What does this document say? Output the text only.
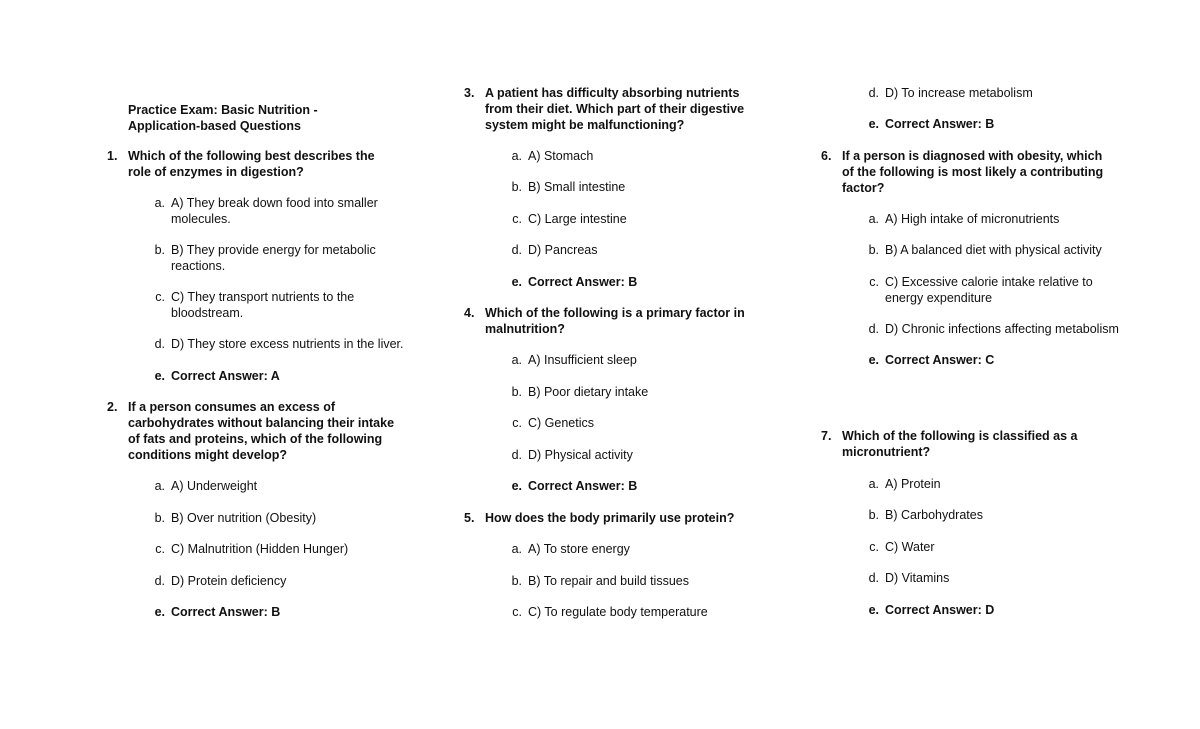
Practice Exam: Basic Nutrition - Application-based Questions
1. Which of the following best describes the role of enzymes in digestion?
a. A) They break down food into smaller molecules.
b. B) They provide energy for metabolic reactions.
c. C) They transport nutrients to the bloodstream.
d. D) They store excess nutrients in the liver.
e. Correct Answer: A
2. If a person consumes an excess of carbohydrates without balancing their intake of fats and proteins, which of the following conditions might develop?
a. A) Underweight
b. B) Over nutrition (Obesity)
c. C) Malnutrition (Hidden Hunger)
d. D) Protein deficiency
e. Correct Answer: B
3. A patient has difficulty absorbing nutrients from their diet. Which part of their digestive system might be malfunctioning?
a. A) Stomach
b. B) Small intestine
c. C) Large intestine
d. D) Pancreas
e. Correct Answer: B
4. Which of the following is a primary factor in malnutrition?
a. A) Insufficient sleep
b. B) Poor dietary intake
c. C) Genetics
d. D) Physical activity
e. Correct Answer: B
5. How does the body primarily use protein?
a. A) To store energy
b. B) To repair and build tissues
c. C) To regulate body temperature
d. D) To increase metabolism
e. Correct Answer: B
6. If a person is diagnosed with obesity, which of the following is most likely a contributing factor?
a. A) High intake of micronutrients
b. B) A balanced diet with physical activity
c. C) Excessive calorie intake relative to energy expenditure
d. D) Chronic infections affecting metabolism
e. Correct Answer: C
7. Which of the following is classified as a micronutrient?
a. A) Protein
b. B) Carbohydrates
c. C) Water
d. D) Vitamins
e. Correct Answer: D
